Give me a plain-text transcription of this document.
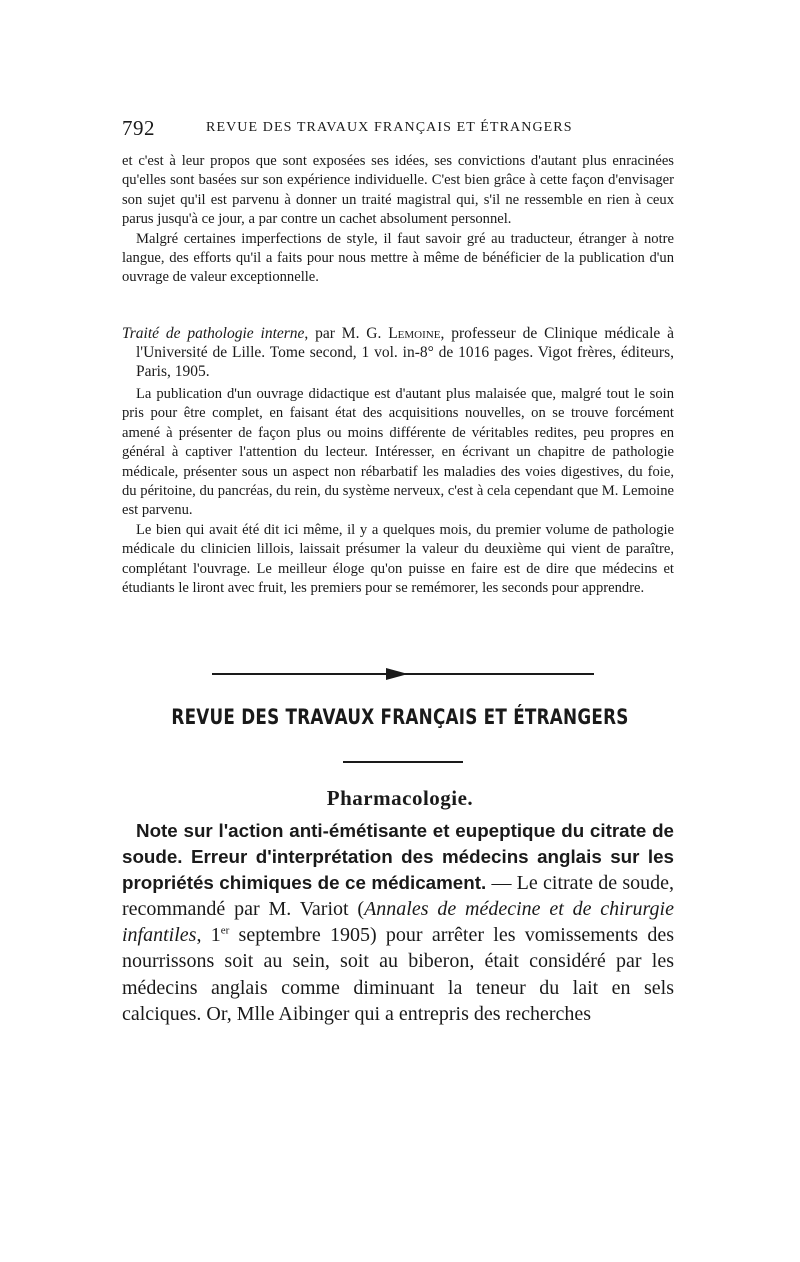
792	REVUE DES TRAVAUX FRANÇAIS ET ÉTRANGERS

et c'est à leur propos que sont exposées ses idées, ses convictions d'autant plus enracinées qu'elles sont basées sur son expérience individuelle. C'est bien grâce à cette façon d'envisager son sujet qu'il est parvenu à donner un traité magistral qui, s'il ne ressemble en rien à ceux parus jusqu'à ce jour, a par contre un cachet absolument personnel.

Malgré certaines imperfections de style, il faut savoir gré au traducteur, étranger à notre langue, des efforts qu'il a faits pour nous mettre à même de bénéficier de la publication d'un ouvrage de valeur exceptionnelle.

Traité de pathologie interne, par M. G. Lemoine, professeur de Clinique médicale à l'Université de Lille. Tome second, 1 vol. in-8° de 1016 pages. Vigot frères, éditeurs, Paris, 1905.

La publication d'un ouvrage didactique est d'autant plus malaisée que, malgré tout le soin pris pour être complet, en faisant état des acquisitions nouvelles, on se trouve forcément amené à présenter de façon plus ou moins différente de véritables redites, peu propres en général à captiver l'attention du lecteur. Intéresser, en écrivant un chapitre de pathologie médicale, présenter sous un aspect non rébarbatif les maladies des voies digestives, du foie, du péritoine, du pancréas, du rein, du système nerveux, c'est à cela cependant que M. Lemoine est parvenu.

Le bien qui avait été dit ici même, il y a quelques mois, du premier volume de pathologie médicale du clinicien lillois, laissait présumer la valeur du deuxième qui vient de paraître, complétant l'ouvrage. Le meilleur éloge qu'on puisse en faire est de dire que médecins et étudiants le liront avec fruit, les premiers pour se remémorer, les seconds pour apprendre.

REVUE DES TRAVAUX FRANÇAIS ET ÉTRANGERS
Pharmacologie.

Note sur l'action anti-émétisante et eupeptique du citrate de soude. Erreur d'interprétation des médecins anglais sur les propriétés chimiques de ce médicament. — Le citrate de soude, recommandé par M. Variot (Annales de médecine et de chirurgie infantiles, 1er septembre 1905) pour arrêter les vomissements des nourrissons soit au sein, soit au biberon, était considéré par les médecins anglais comme diminuant la teneur du lait en sels calciques. Or, Mlle Aibinger qui a entrepris des recherches
